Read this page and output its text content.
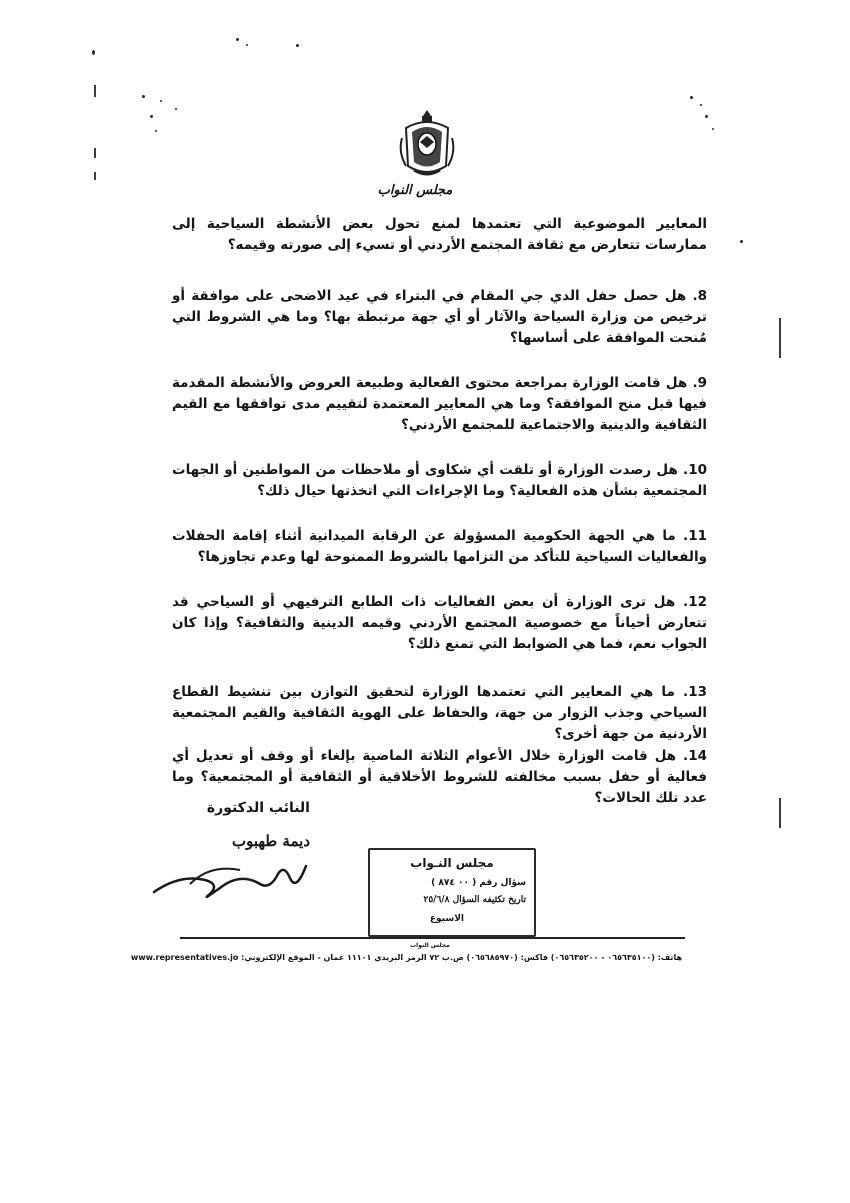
مجلس النواب
المعايير الموضوعية التي تعتمدها لمنع تحول بعض الأنشطة السياحية إلى ممارسات تتعارض مع ثقافة المجتمع الأردني أو تسيء إلى صورته وقيمه؟
8. هل حصل حفل الدي جي المقام في البتراء في عيد الاضحى على موافقة أو ترخيص من وزارة السياحة والآثار أو أي جهة مرتبطة بها؟ وما هي الشروط التي مُنحت الموافقة على أساسها؟
9. هل قامت الوزارة بمراجعة محتوى الفعالية وطبيعة العروض والأنشطة المقدمة فيها قبل منح الموافقة؟ وما هي المعايير المعتمدة لتقييم مدى توافقها مع القيم الثقافية والدينية والاجتماعية للمجتمع الأردني؟
10. هل رصدت الوزارة أو تلقت أي شكاوى أو ملاحظات من المواطنين أو الجهات المجتمعية بشأن هذه الفعالية؟ وما الإجراءات التي اتخذتها حيال ذلك؟
11. ما هي الجهة الحكومية المسؤولة عن الرقابة الميدانية أثناء إقامة الحفلات والفعاليات السياحية للتأكد من التزامها بالشروط الممنوحة لها وعدم تجاوزها؟
12. هل ترى الوزارة أن بعض الفعاليات ذات الطابع الترفيهي أو السياحي قد تتعارض أحياناً مع خصوصية المجتمع الأردني وقيمه الدينية والثقافية؟ وإذا كان الجواب نعم، فما هي الضوابط التي تمنع ذلك؟
13. ما هي المعايير التي تعتمدها الوزارة لتحقيق التوازن بين تنشيط القطاع السياحي وجذب الزوار من جهة، والحفاظ على الهوية الثقافية والقيم المجتمعية الأردنية من جهة أخرى؟
14. هل قامت الوزارة خلال الأعوام الثلاثة الماضية بإلغاء أو وقف أو تعديل أي فعالية أو حفل بسبب مخالفته للشروط الأخلاقية أو الثقافية أو المجتمعية؟ وما عدد تلك الحالات؟
النائب الدكتورة
ديمة طهبوب
مجلس النـواب
سؤال رقم ( ٠٠ ٨٧٤ )
تاريخ تكثيفه السؤال ٢٥/٦/٨
الاسبوع
مجلس النواب
هاتف: (٠٦٥٦٣٥١٠٠ - ٠٦٥٦٣٥٢٠٠) فاكس: (٠٦٥٦٨٥٩٧٠) ص.ب ٧٢ الرمز البريدي ١١١٠١ عمان - الموقع الإلكتروني: www.representatives.jo
